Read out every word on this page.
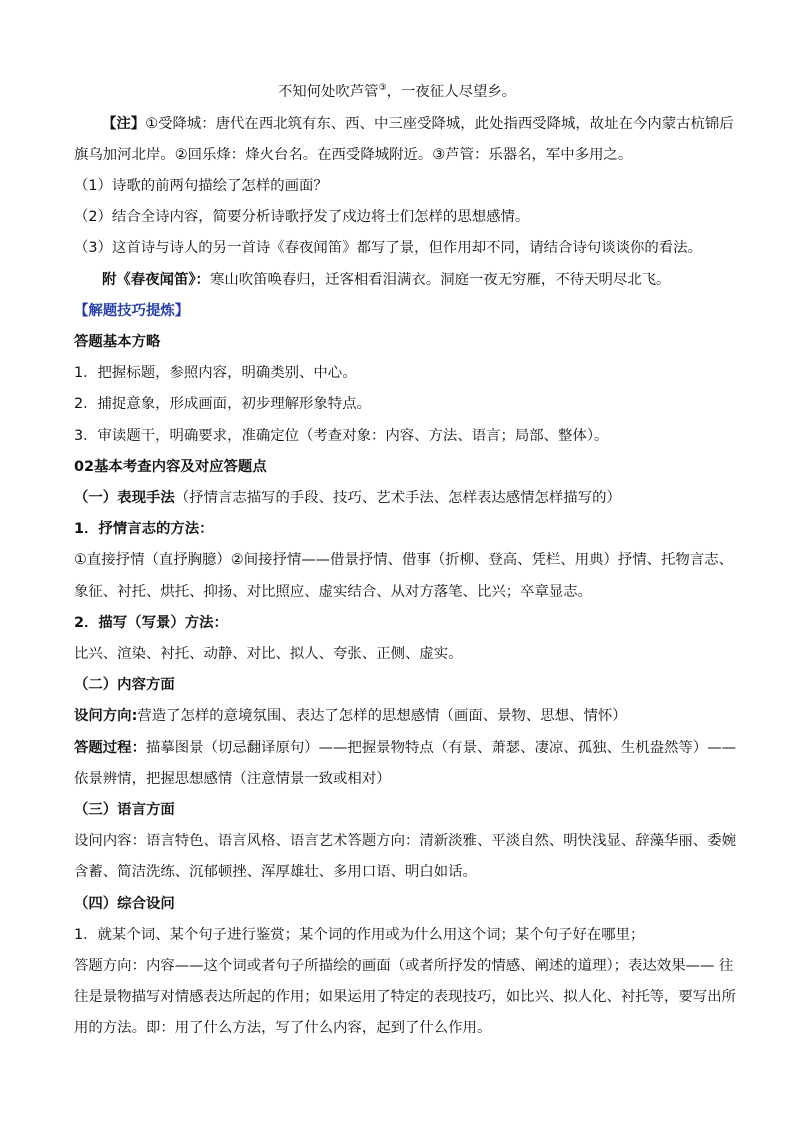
不知何处吹芦管③，一夜征人尽望乡。
【注】①受降城：唐代在西北筑有东、西、中三座受降城，此处指西受降城，故址在今内蒙古杭锦后
旗乌加河北岸。②回乐烽：烽火台名。在西受降城附近。③芦管：乐器名，军中多用之。
（1）诗歌的前两句描绘了怎样的画面？
（2）结合全诗内容，简要分析诗歌抒发了戍边将士们怎样的思想感情。
（3）这首诗与诗人的另一首诗《春夜闻笛》都写了景，但作用却不同，请结合诗句谈谈你的看法。
附《春夜闻笛》：寒山吹笛唤春归，迁客相看泪满衣。洞庭一夜无穷雁，不待天明尽北飞。
【解题技巧提炼】
答题基本方略
1．把握标题，参照内容，明确类别、中心。
2．捕捉意象，形成画面，初步理解形象特点。
3．审读题干，明确要求，准确定位（考查对象：内容、方法、语言；局部、整体）。
02基本考查内容及对应答题点
（一）表现手法（抒情言志描写的手段、技巧、艺术手法、怎样表达感情怎样描写的）
1．抒情言志的方法：
①直接抒情（直抒胸臆）②间接抒情——借景抒情、借事（折柳、登高、凭栏、用典）抒情、托物言志、
象征、衬托、烘托、抑扬、对比照应、虚实结合、从对方落笔、比兴；卒章显志。
2．描写（写景）方法：
比兴、渲染、衬托、动静、对比、拟人、夸张、正侧、虚实。
（二）内容方面
设问方向:营造了怎样的意境氛围、表达了怎样的思想感情（画面、景物、思想、情怀）
答题过程：描摹图景（切忌翻译原句）——把握景物特点（有景、萧瑟、凄凉、孤独、生机盎然等）——
依景辨情，把握思想感情（注意情景一致或相对）
（三）语言方面
设问内容：语言特色、语言风格、语言艺术答题方向：清新淡雅、平淡自然、明快浅显、辞藻华丽、委婉
含蓄、简洁洗练、沉郁顿挫、浑厚雄壮、多用口语、明白如话。
（四）综合设问
1．就某个词、某个句子进行鉴赏；某个词的作用或为什么用这个词；某个句子好在哪里；
答题方向：内容——这个词或者句子所描绘的画面（或者所抒发的情感、阐述的道理）；表达效果—— 往
往是景物描写对情感表达所起的作用；如果运用了特定的表现技巧，如比兴、拟人化、衬托等，要写出所
用的方法。即：用了什么方法，写了什么内容，起到了什么作用。
